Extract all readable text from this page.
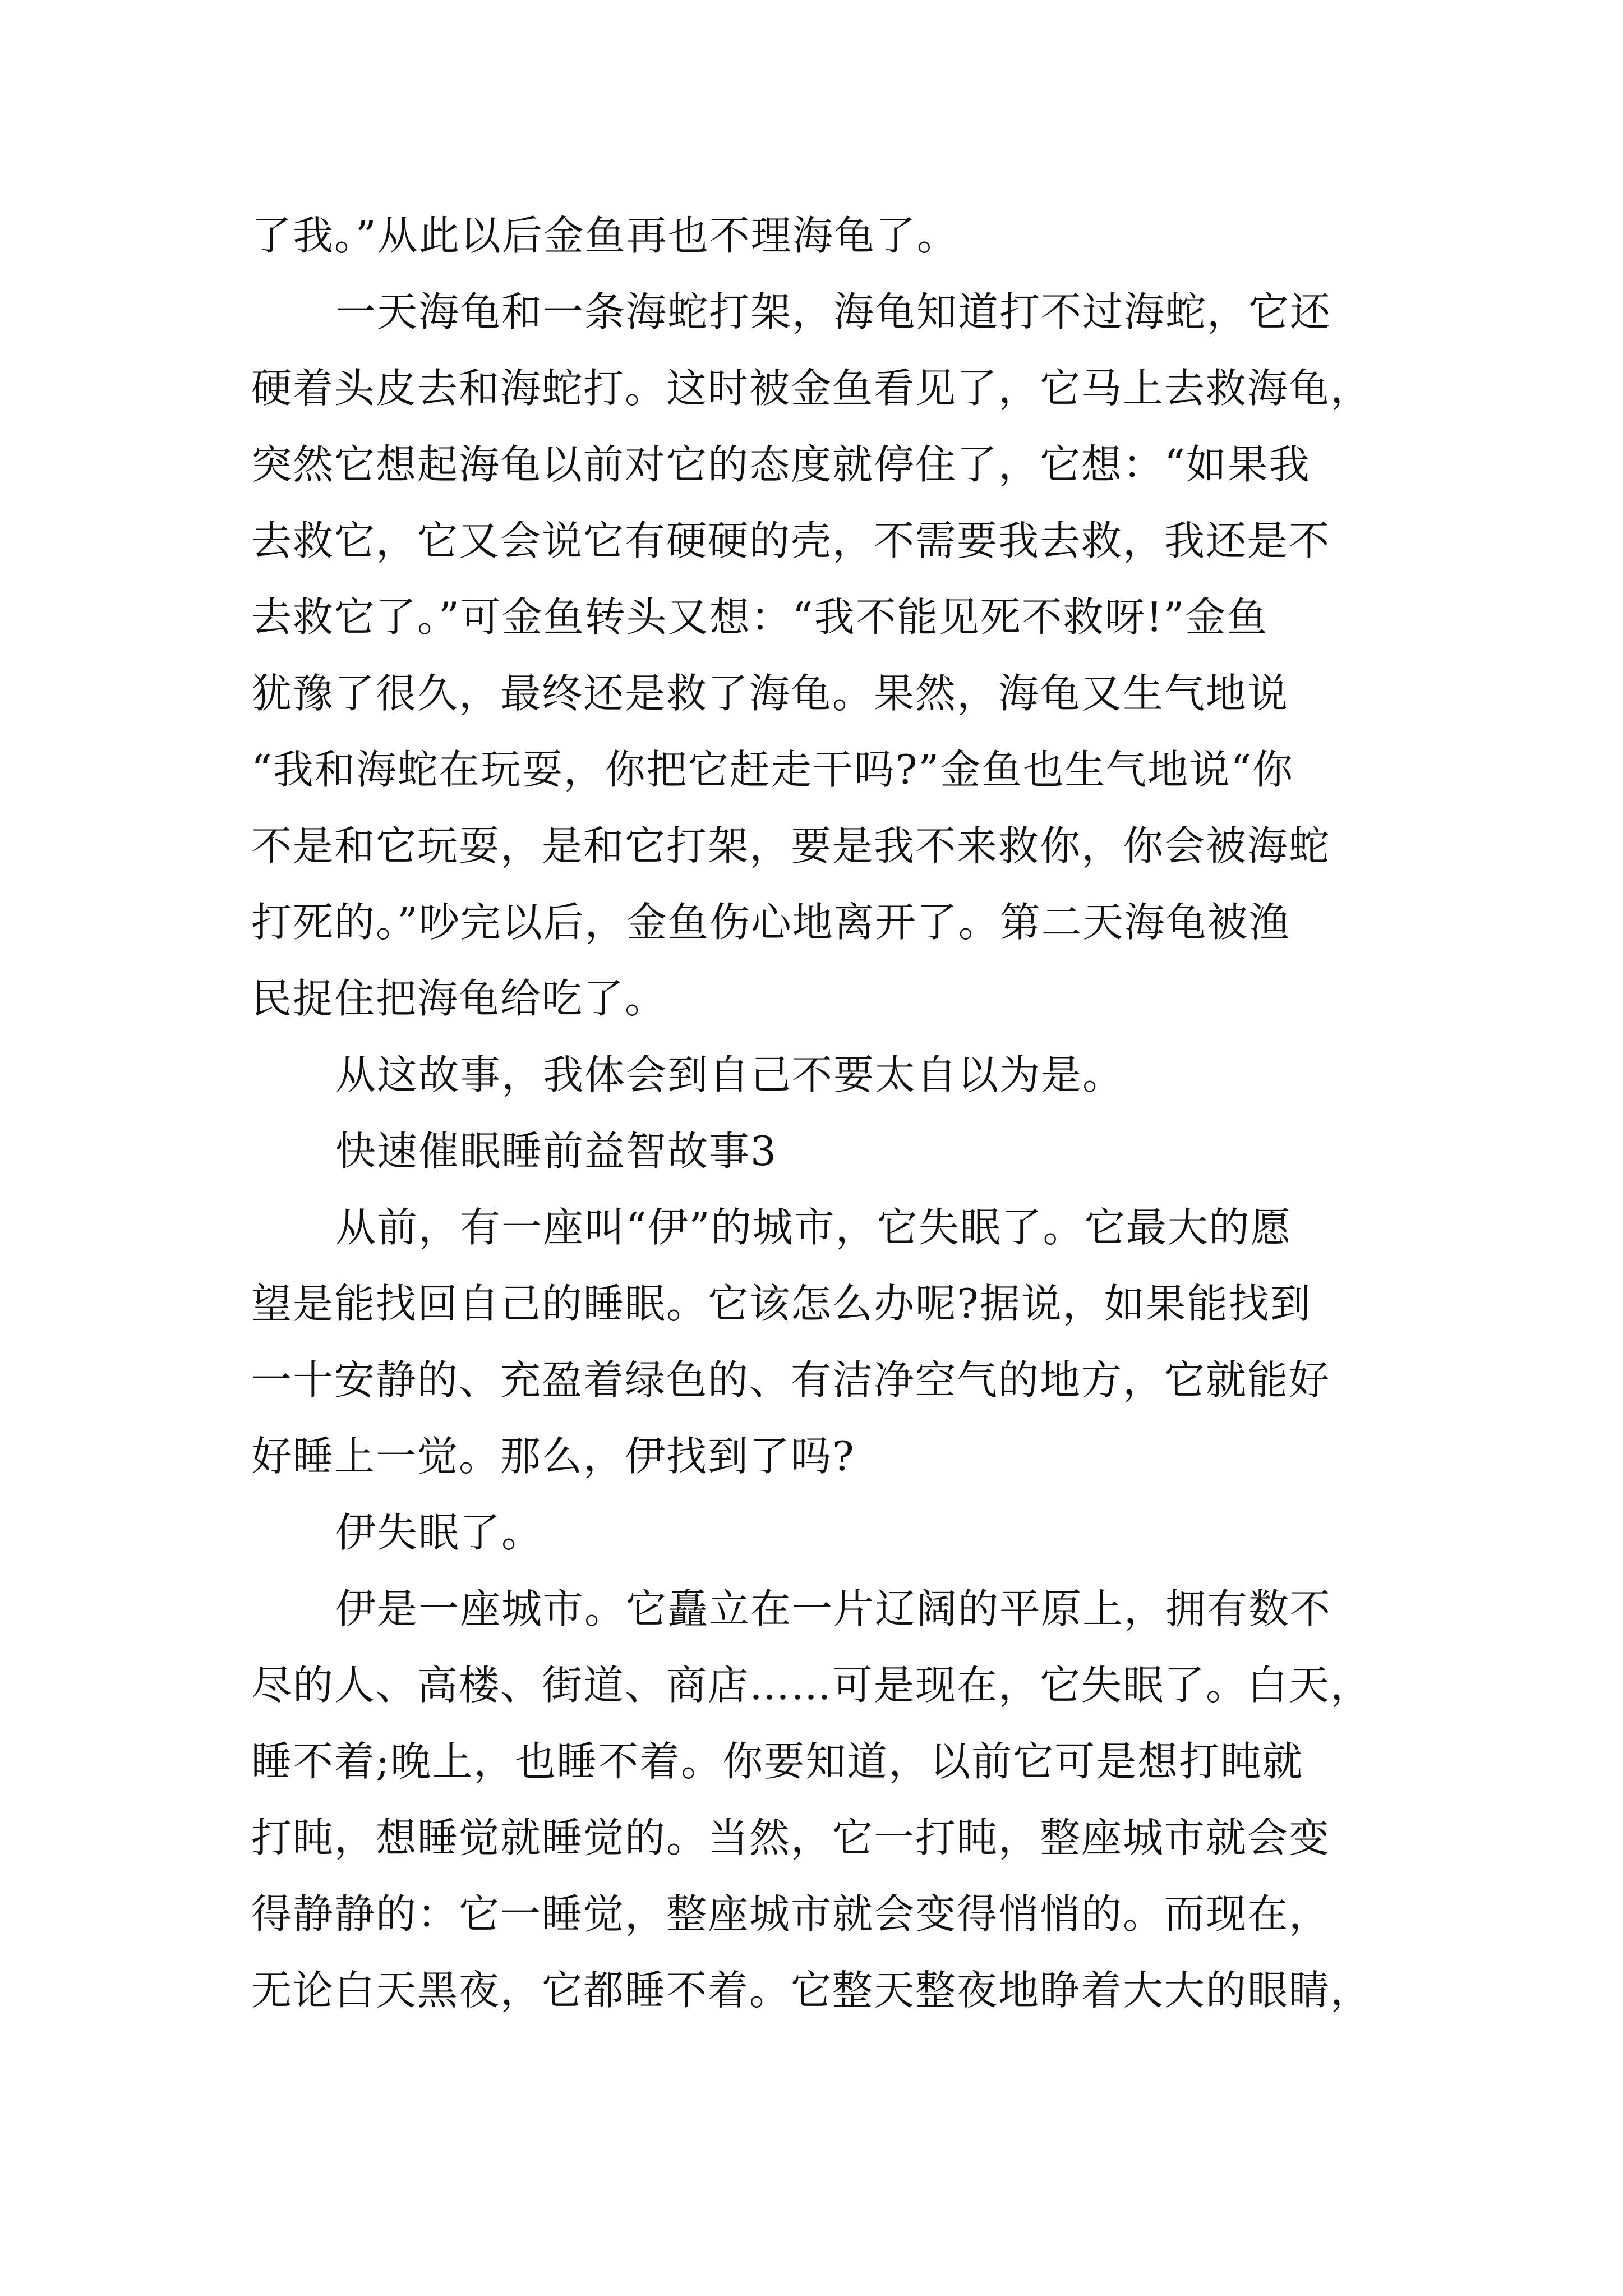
了我。”从此以后金鱼再也不理海龟了。
一天海龟和一条海蛇打架，海龟知道打不过海蛇，它还
硬着头皮去和海蛇打。这时被金鱼看见了，它马上去救海龟，
突然它想起海龟以前对它的态度就停住了，它想：“如果我
去救它，它又会说它有硬硬的壳，不需要我去救，我还是不
去救它了。”可金鱼转头又想：“我不能见死不救呀!”金鱼
犹豫了很久，最终还是救了海龟。果然，海龟又生气地说
“我和海蛇在玩耍，你把它赶走干吗?”金鱼也生气地说“你
不是和它玩耍，是和它打架，要是我不来救你，你会被海蛇
打死的。”吵完以后，金鱼伤心地离开了。第二天海龟被渔
民捉住把海龟给吃了。
从这故事，我体会到自己不要太自以为是。
快速催眠睡前益智故事3
从前，有一座叫“伊”的城市，它失眠了。它最大的愿
望是能找回自己的睡眠。它该怎么办呢?据说，如果能找到
一十安静的、充盈着绿色的、有洁净空气的地方，它就能好
好睡上一觉。那么，伊找到了吗?
伊失眠了。
伊是一座城市。它矗立在一片辽阔的平原上，拥有数不
尽的人、高楼、街道、商店……可是现在，它失眠了。白天，
睡不着;晚上，也睡不着。你要知道，以前它可是想打盹就
打盹，想睡觉就睡觉的。当然，它一打盹，整座城市就会变
得静静的：它一睡觉，整座城市就会变得悄悄的。而现在，
无论白天黑夜，它都睡不着。它整天整夜地睁着大大的眼睛，
